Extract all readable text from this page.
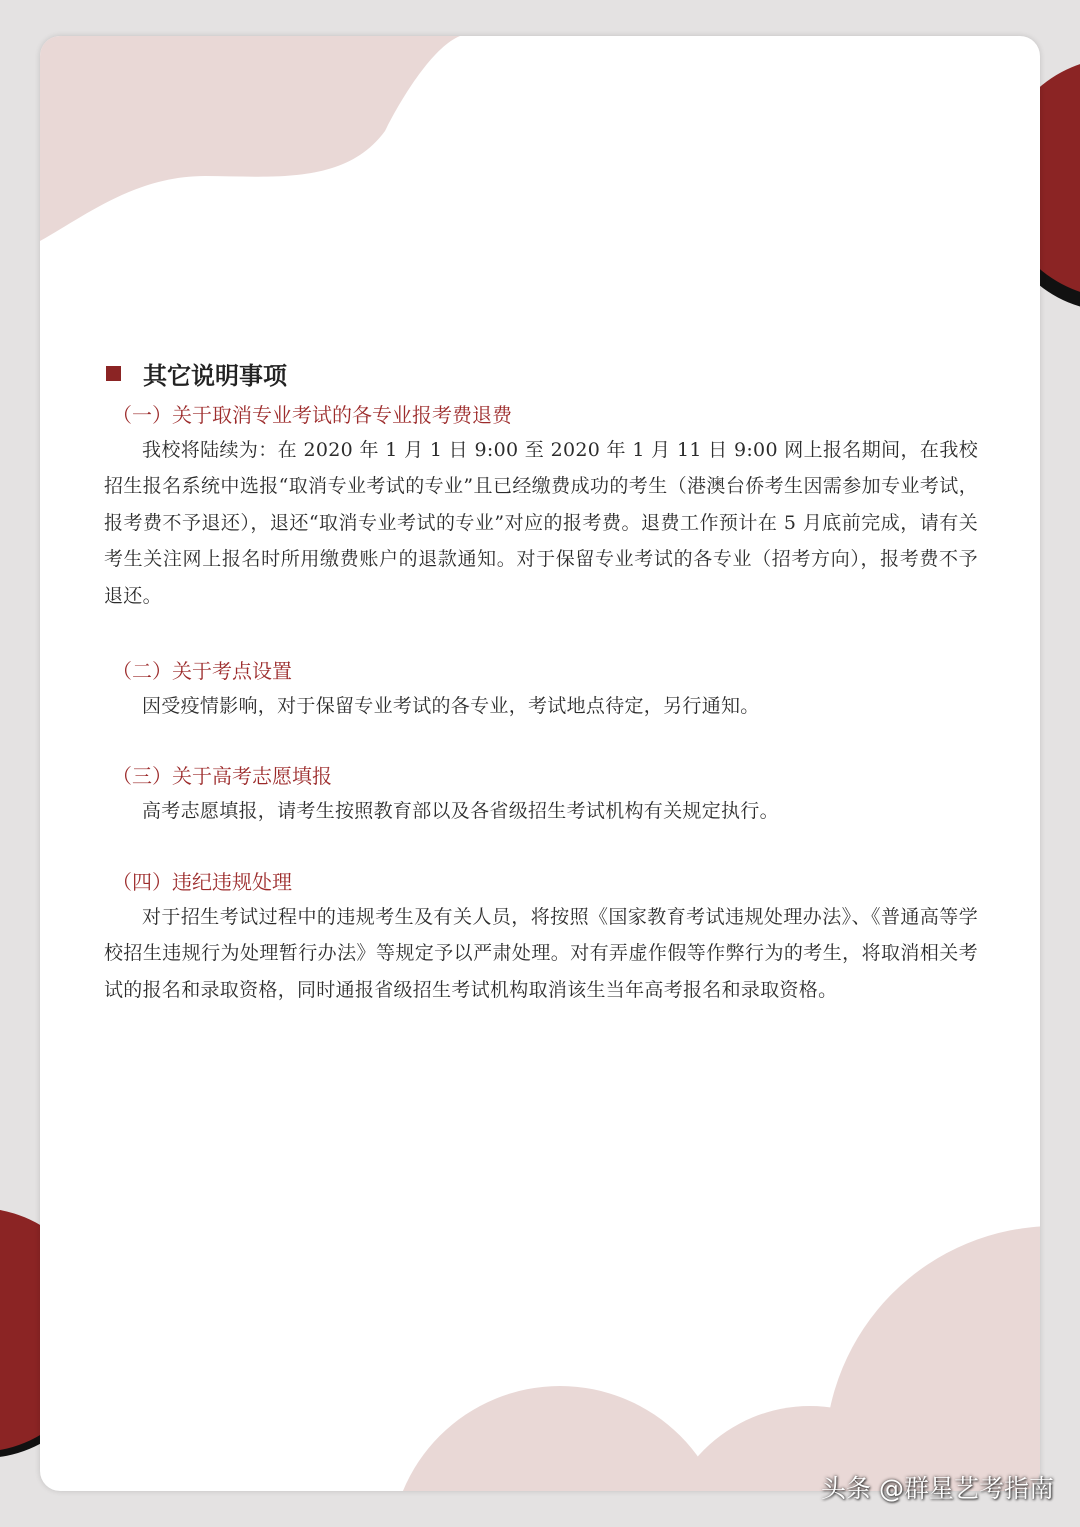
其它说明事项
（一）关于取消专业考试的各专业报考费退费

我校将陆续为：在 2020 年 1 月 1 日 9:00 至 2020 年 1 月 11 日 9:00 网上报名期间，在我校招生报名系统中选报“取消专业考试的专业”且已经缴费成功的考生（港澳台侨考生因需参加专业考试，报考费不予退还），退还“取消专业考试的专业”对应的报考费。退费工作预计在 5 月底前完成，请有关考生关注网上报名时所用缴费账户的退款通知。对于保留专业考试的各专业（招考方向），报考费不予退还。

（二）关于考点设置

因受疫情影响，对于保留专业考试的各专业，考试地点待定，另行通知。

（三）关于高考志愿填报

高考志愿填报，请考生按照教育部以及各省级招生考试机构有关规定执行。

（四）违纪违规处理

对于招生考试过程中的违规考生及有关人员，将按照《国家教育考试违规处理办法》、《普通高等学校招生违规行为处理暂行办法》等规定予以严肃处理。对有弄虚作假等作弊行为的考生，将取消相关考试的报名和录取资格，同时通报省级招生考试机构取消该生当年高考报名和录取资格。

头条 @群星艺考指南
